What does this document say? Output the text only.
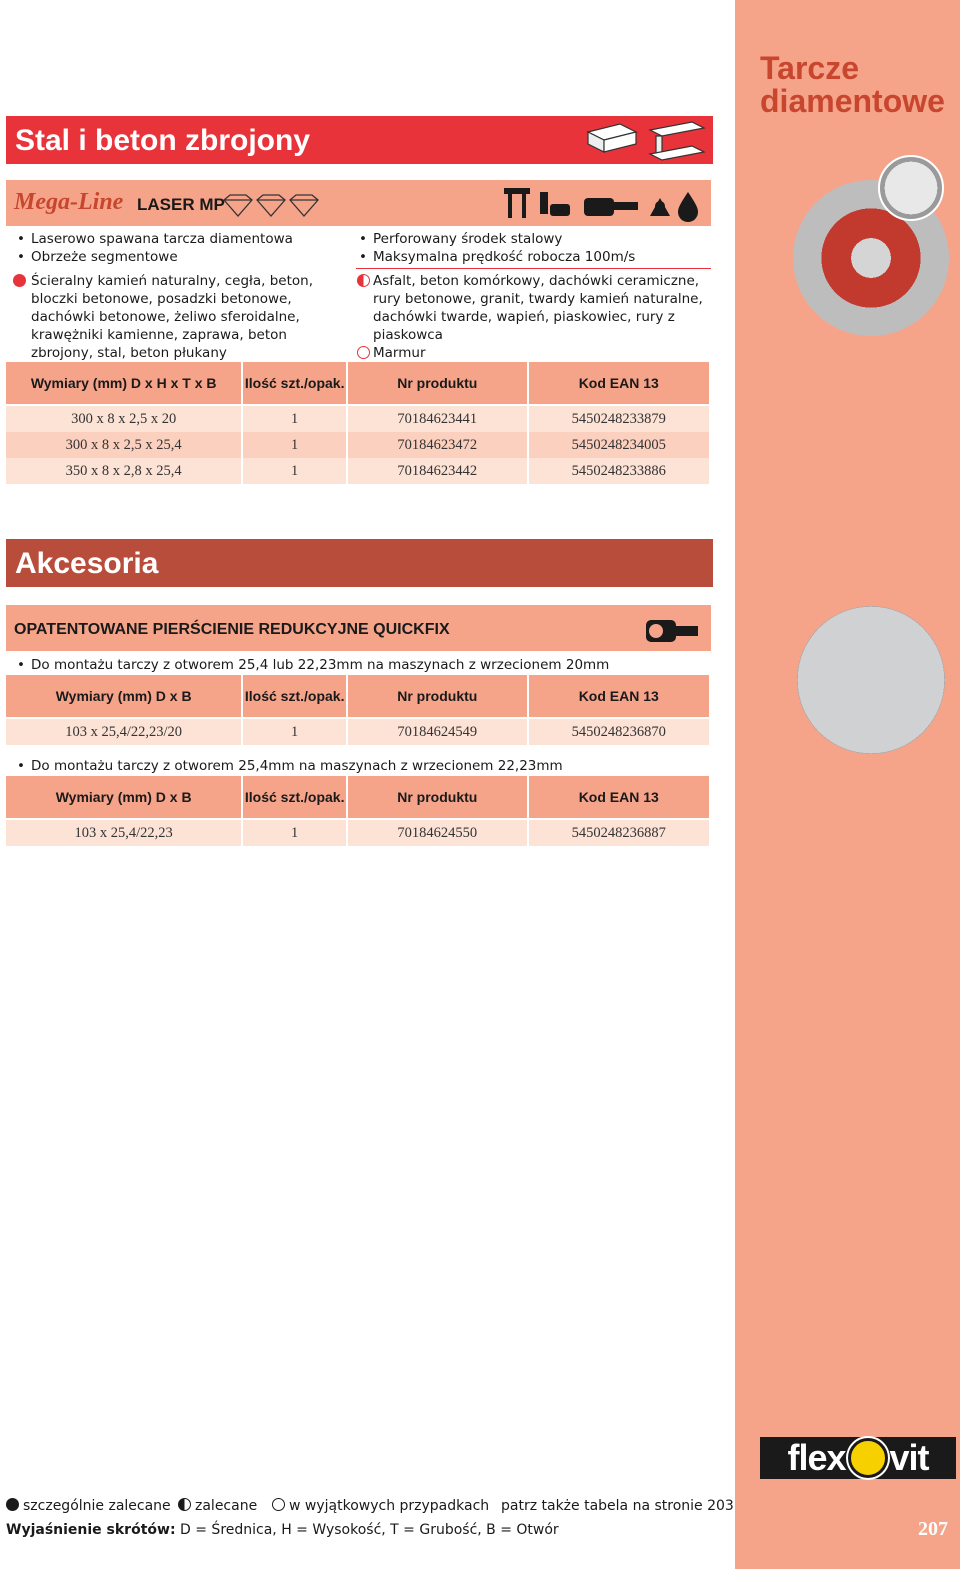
Tarcze diamentowe
Stal i beton zbrojony
Mega-Line LASER MP
• Laserowo spawana tarcza diamentowa
• Obrzeże segmentowe
• Perforowany środek stalowy
• Maksymalna prędkość robocza 100m/s
Ścieralny kamień naturalny, cegła, beton, bloczki betonowe, posadzki betonowe, dachówki betonowe, żeliwo sferoidalne, krawężniki kamienne, zaprawa, beton zbrojony, stal, beton płukany
Asfalt, beton komórkowy, dachówki ceramiczne, rury betonowe, granit, twardy kamień naturalne, dachówki twarde, wapień, piaskowiec, rury z piaskowca
Marmur
Wymiary (mm) D x H x T x B	Ilość szt./opak.	Nr produktu	Kod EAN 13
300 x 8 x 2,5 x 20	1	70184623441	5450248233879
300 x 8 x 2,5 x 25,4	1	70184623472	5450248234005
350 x 8 x 2,8 x 25,4	1	70184623442	5450248233886
Akcesoria
OPATENTOWANE PIERŚCIENIE REDUKCYJNE QUICKFIX
• Do montażu tarczy z otworem 25,4 lub 22,23mm na maszynach z wrzecionem 20mm
Wymiary (mm) D x B	Ilość szt./opak.	Nr produktu	Kod EAN 13
103 x 25,4/22,23/20	1	70184624549	5450248236870
• Do montażu tarczy z otworem 25,4mm na maszynach z wrzecionem 22,23mm
Wymiary (mm) D x B	Ilość szt./opak.	Nr produktu	Kod EAN 13
103 x 25,4/22,23	1	70184624550	5450248236887
szczególnie zalecane	zalecane	w wyjątkowych przypadkach patrz także tabela na stronie 203
Wyjaśnienie skrótów: D = Średnica, H = Wysokość, T = Grubość, B = Otwór
flex vit
207
